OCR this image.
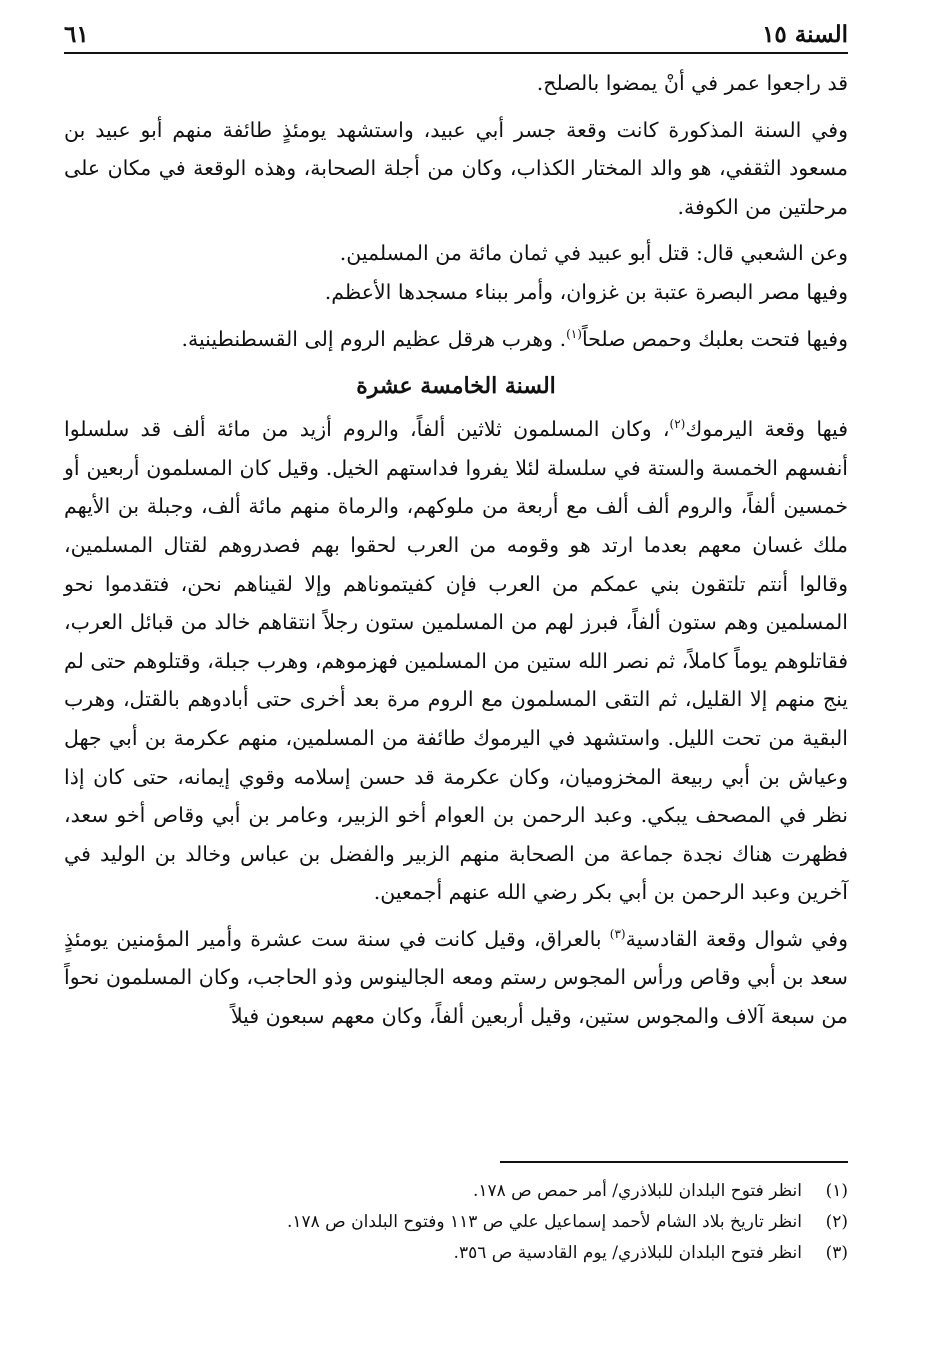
السنة ١٥
٦١

قد راجعوا عمر في أنْ يمضوا بالصلح.

وفي السنة المذكورة كانت وقعة جسر أبي عبيد، واستشهد يومئذٍ طائفة منهم أبو عبيد بن مسعود الثقفي، هو والد المختار الكذاب، وكان من أجلة الصحابة، وهذه الوقعة في مكان على مرحلتين من الكوفة.

وعن الشعبي قال: قتل أبو عبيد في ثمان مائة من المسلمين.

وفيها مصر البصرة عتبة بن غزوان، وأمر ببناء مسجدها الأعظم.

وفيها فتحت بعلبك وحمص صلحاً$^{(١)}$. وهرب هرقل عظيم الروم إلى القسطنطينية.

السنة الخامسة عشرة

فيها وقعة اليرموك$^{(٢)}$، وكان المسلمون ثلاثين ألفاً، والروم أزيد من مائة ألف قد سلسلوا أنفسهم الخمسة والستة في سلسلة لئلا يفروا فداستهم الخيل. وقيل كان المسلمون أربعين أو خمسين ألفاً، والروم ألف ألف مع أربعة من ملوكهم، والرماة منهم مائة ألف، وجبلة بن الأيهم ملك غسان معهم بعدما ارتد هو وقومه من العرب لحقوا بهم فصدروهم لقتال المسلمين، وقالوا أنتم تلتقون بني عمكم من العرب فإن كفيتموناهم وإلا لقيناهم نحن، فتقدموا نحو المسلمين وهم ستون ألفاً، فبرز لهم من المسلمين ستون رجلاً انتقاهم خالد من قبائل العرب، فقاتلوهم يوماً كاملاً، ثم نصر الله ستين من المسلمين فهزموهم، وهرب جبلة، وقتلوهم حتى لم ينج منهم إلا القليل، ثم التقى المسلمون مع الروم مرة بعد أخرى حتى أبادوهم بالقتل، وهرب البقية من تحت الليل. واستشهد في اليرموك طائفة من المسلمين، منهم عكرمة بن أبي جهل وعياش بن أبي ربيعة المخزوميان، وكان عكرمة قد حسن إسلامه وقوي إيمانه، حتى كان إذا نظر في المصحف يبكي. وعبد الرحمن بن العوام أخو الزبير، وعامر بن أبي وقاص أخو سعد، فظهرت هناك نجدة جماعة من الصحابة منهم الزبير والفضل بن عباس وخالد بن الوليد في آخرين وعبد الرحمن بن أبي بكر رضي الله عنهم أجمعين.

وفي شوال وقعة القادسية$^{(٣)}$ بالعراق، وقيل كانت في سنة ست عشرة وأمير المؤمنين يومئذٍ سعد بن أبي وقاص ورأس المجوس رستم ومعه الجالينوس وذو الحاجب، وكان المسلمون نحواً من سبعة آلاف والمجوس ستين، وقيل أربعين ألفاً، وكان معهم سبعون فيلاً

(١)
انظر فتوح البلدان للبلاذري/ أمر حمص ص ١٧٨.
(٢)
انظر تاريخ بلاد الشام لأحمد إسماعيل علي ص ١١٣ وفتوح البلدان ص ١٧٨.
(٣)
انظر فتوح البلدان للبلاذري/ يوم القادسية ص ٣٥٦.
